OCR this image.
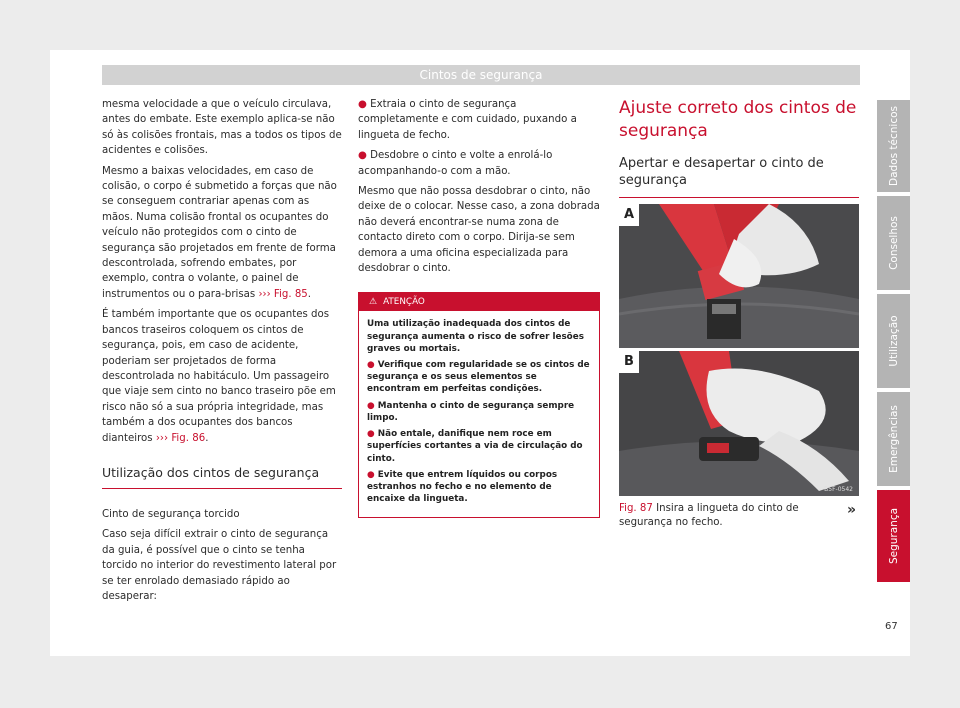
Cintos de segurança

mesma velocidade a que o veículo circulava, antes do embate. Este exemplo aplica-se não só às colisões frontais, mas a todos os tipos de acidentes e colisões.

Mesmo a baixas velocidades, em caso de colisão, o corpo é submetido a forças que não se conseguem contrariar apenas com as mãos. Numa colisão frontal os ocupantes do veículo não protegidos com o cinto de segurança são projetados em frente de forma descontrolada, sofrendo embates, por exemplo, contra o volante, o painel de instrumentos ou o para-brisas ››› Fig. 85.

É também importante que os ocupantes dos bancos traseiros coloquem os cintos de segurança, pois, em caso de acidente, poderiam ser projetados de forma descontrolada no habitáculo. Um passageiro que viaje sem cinto no banco traseiro põe em risco não só a sua própria integridade, mas também a dos ocupantes dos bancos dianteiros ››› Fig. 86.

Utilização dos cintos de segurança

Cinto de segurança torcido

Caso seja difícil extrair o cinto de segurança da guia, é possível que o cinto se tenha torcido no interior do revestimento lateral por se ter enrolado demasiado rápido ao desaperar:

● Extraia o cinto de segurança completamente e com cuidado, puxando a lingueta de fecho.

● Desdobre o cinto e volte a enrolá-lo acompanhando-o com a mão.

Mesmo que não possa desdobrar o cinto, não deixe de o colocar. Nesse caso, a zona dobrada não deverá encontrar-se numa zona de contacto direto com o corpo. Dirija-se sem demora a uma oficina especializada para desdobrar o cinto.

⚠ ATENÇÃO

Uma utilização inadequada dos cintos de segurança aumenta o risco de sofrer lesões graves ou mortais.

● Verifique com regularidade se os cintos de segurança e os seus elementos se encontram em perfeitas condições.

● Mantenha o cinto de segurança sempre limpo.

● Não entale, danifique nem roce em superfícies cortantes a via de circulação do cinto.

● Evite que entrem líquidos ou corpos estranhos no fecho e no elemento de encaixe da lingueta.

Ajuste correto dos cintos de segurança
Apertar e desapertar o cinto de segurança
A
B
B5F-0542
Fig. 87 Insira a lingueta do cinto de segurança no fecho.
»
Dados técnicos
Conselhos
Utilização
Emergências
Segurança
67
